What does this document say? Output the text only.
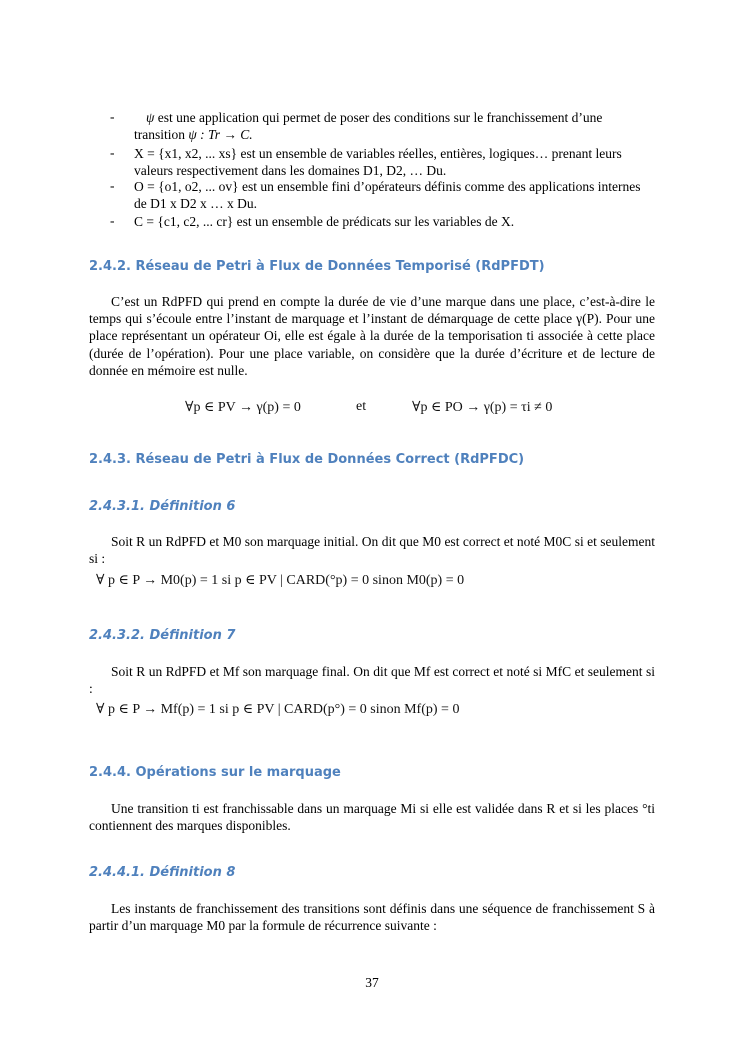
-	ψ est une application qui permet de poser des conditions sur le franchissement d’une transition ψ : Tr → C.
- X = {x1, x2, ... xs} est un ensemble de variables réelles, entières, logiques… prenant leurs valeurs respectivement dans les domaines D1, D2, … Du.
- O = {o1, o2, ... ov} est un ensemble fini d’opérateurs définis comme des applications internes de D1 x D2 x … x Du.
- C = {c1, c2, ... cr} est un ensemble de prédicats sur les variables de X.
2.4.2. Réseau de Petri à Flux de Données Temporisé (RdPFDT)
C’est un RdPFD qui prend en compte la durée de vie d’une marque dans une place, c’est-à-dire le temps qui s’écoule entre l’instant de marquage et l’instant de démarquage de cette place γ(P). Pour une place représentant un opérateur Oi, elle est égale à la durée de la temporisation ti associée à cette place (durée de l’opération). Pour une place variable, on considère que la durée d’écriture et de lecture de donnée en mémoire est nulle.
∀p ∈ PV → γ(p) = 0	et	∀p ∈ PO → γ(p) = τi ≠ 0
2.4.3. Réseau de Petri à Flux de Données Correct (RdPFDC)
2.4.3.1. Définition 6
Soit R un RdPFD et M0 son marquage initial. On dit que M0 est correct et noté M0C si et seulement si :
∀ p ∈ P → M0(p) = 1 si p ∈ PV | CARD(°p) = 0 sinon M0(p) = 0
2.4.3.2. Définition 7
Soit R un RdPFD et Mf son marquage final. On dit que Mf est correct et noté si MfC et seulement si :
∀ p ∈ P → Mf(p) = 1 si p ∈ PV | CARD(p°) = 0 sinon Mf(p) = 0
2.4.4. Opérations sur le marquage
Une transition ti est franchissable dans un marquage Mi si elle est validée dans R et si les places °ti contiennent des marques disponibles.
2.4.4.1. Définition 8
Les instants de franchissement des transitions sont définis dans une séquence de franchissement S à partir d’un marquage M0 par la formule de récurrence suivante :
37
